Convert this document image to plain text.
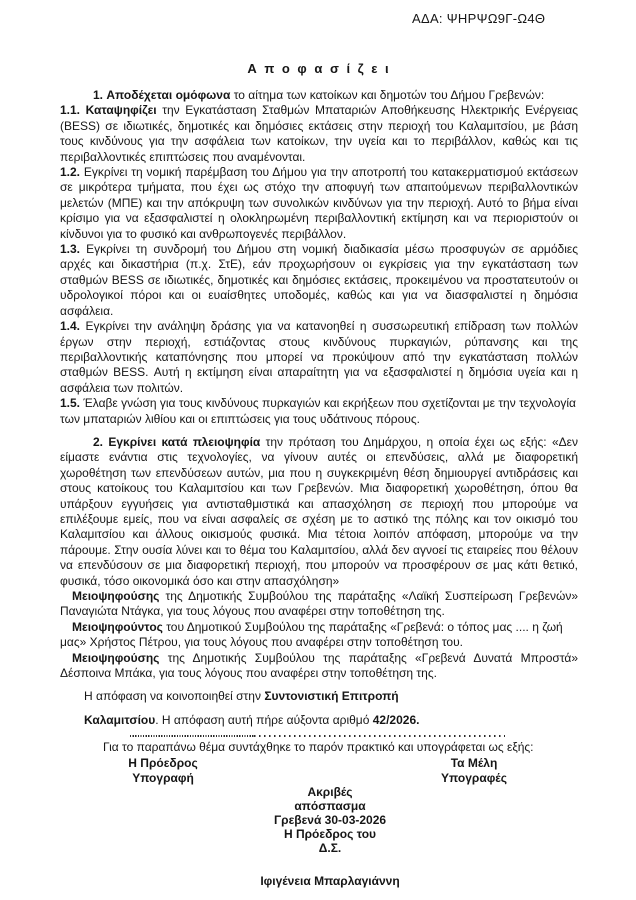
ΑΔΑ: ΨΗΡΨΩ9Γ-Ω4Θ
Α π ο φ α σ ί ζ ε ι

1. Αποδέχεται ομόφωνα το αίτημα των κατοίκων και δημοτών του Δήμου Γρεβενών:

1.1. Καταψηφίζει την Εγκατάσταση Σταθμών Μπαταριών Αποθήκευσης Ηλεκτρικής Ενέργειας (BESS) σε ιδιωτικές, δημοτικές και δημόσιες εκτάσεις στην περιοχή του Καλαμιτσίου, με βάση τους κινδύνους για την ασφάλεια των κατοίκων, την υγεία και το περιβάλλον, καθώς και τις περιβαλλοντικές επιπτώσεις που αναμένονται.

1.2. Εγκρίνει τη νομική παρέμβαση του Δήμου για την αποτροπή του κατακερματισμού εκτάσεων σε μικρότερα τμήματα, που έχει ως στόχο την αποφυγή των απαιτούμενων περιβαλλοντικών μελετών (ΜΠΕ) και την απόκρυψη των συνολικών κινδύνων για την περιοχή. Αυτό το βήμα είναι κρίσιμο για να εξασφαλιστεί η ολοκληρωμένη περιβαλλοντική εκτίμηση και να περιοριστούν οι κίνδυνοι για το φυσικό και ανθρωπογενές περιβάλλον.

1.3. Εγκρίνει τη συνδρομή του Δήμου στη νομική διαδικασία μέσω προσφυγών σε αρμόδιες αρχές και δικαστήρια (π.χ. ΣτΕ), εάν προχωρήσουν οι εγκρίσεις για την εγκατάσταση των σταθμών BESS σε ιδιωτικές, δημοτικές και δημόσιες εκτάσεις, προκειμένου να προστατευτούν οι υδρολογικοί πόροι και οι ευαίσθητες υποδομές, καθώς και για να διασφαλιστεί η δημόσια ασφάλεια.

1.4. Εγκρίνει την ανάληψη δράσης για να κατανοηθεί η συσσωρευτική επίδραση των πολλών έργων στην περιοχή, εστιάζοντας στους κινδύνους πυρκαγιών, ρύπανσης και της περιβαλλοντικής καταπόνησης που μπορεί να προκύψουν από την εγκατάσταση πολλών σταθμών BESS. Αυτή η εκτίμηση είναι απαραίτητη για να εξασφαλιστεί η δημόσια υγεία και η ασφάλεια των πολιτών.

1.5. Έλαβε γνώση για τους κινδύνους πυρκαγιών και εκρήξεων που σχετίζονται με την τεχνολογία των μπαταριών λιθίου και οι επιπτώσεις για τους υδάτινους πόρους.

2. Εγκρίνει κατά πλειοψηφία την πρόταση του Δημάρχου, η οποία έχει ως εξής: «Δεν είμαστε ενάντια στις τεχνολογίες, να γίνουν αυτές οι επενδύσεις, αλλά με διαφορετική χωροθέτηση των επενδύσεων αυτών, μια που η συγκεκριμένη θέση δημιουργεί αντιδράσεις και στους κατοίκους του Καλαμιτσίου και των Γρεβενών. Μια διαφορετική χωροθέτηση, όπου θα υπάρξουν εγγυήσεις για αντισταθμιστικά και απασχόληση σε περιοχή που μπορούμε να επιλέξουμε εμείς, που να είναι ασφαλείς σε σχέση με το αστικό της πόλης και τον οικισμό του Καλαμιτσίου και άλλους οικισμούς φυσικά. Μια τέτοια λοιπόν απόφαση, μπορούμε να την πάρουμε. Στην ουσία λύνει και το θέμα του Καλαμιτσίου, αλλά δεν αγνοεί τις εταιρείες που θέλουν να επενδύσουν σε μια διαφορετική περιοχή, που μπορούν να προσφέρουν σε μας κάτι θετικό, φυσικά, τόσο οικονομικά όσο και στην απασχόληση»

Μειοψηφούσης της Δημοτικής Συμβούλου της παράταξης «Λαϊκή Συσπείρωση Γρεβενών» Παναγιώτα Ντάγκα, για τους λόγους που αναφέρει στην τοποθέτηση της.

Μειοψηφούντος του Δημοτικού Συμβούλου της παράταξης «Γρεβενά: ο τόπος μας .... η ζωή μας» Χρήστος Πέτρου, για τους λόγους που αναφέρει στην τοποθέτηση του.

Μειοψηφούσης της Δημοτικής Συμβούλου της παράταξης «Γρεβενά Δυνατά Μπροστά» Δέσποινα Μπάκα, για τους λόγους που αναφέρει στην τοποθέτηση της.

Η απόφαση να κοινοποιηθεί στην Συντονιστική Επιτροπή

Καλαμιτσίου. Η απόφαση αυτή πήρε αύξοντα αριθμό 42/2026.

Για το παραπάνω θέμα συντάχθηκε το παρόν πρακτικό και υπογράφεται ως εξής:

Η Πρόεδρος	Τα Μέλη
Υπογραφή	Υπογραφές
Ακριβές
απόσπασμα
Γρεβενά 30-03-2026
Η Πρόεδρος του
Δ.Σ.
Ιφιγένεια Μπαρλαγιάννη
